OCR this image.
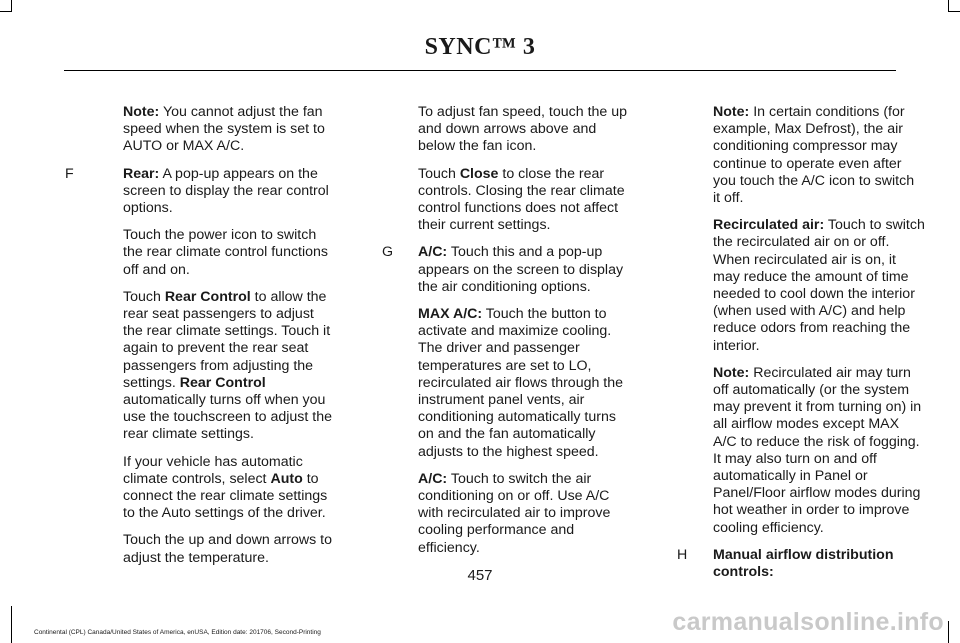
SYNC™ 3

Note: You cannot adjust the fan speed when the system is set to AUTO or MAX A/C.

F	Rear: A pop-up appears on the screen to display the rear control options.

Touch the power icon to switch the rear climate control functions off and on.

Touch Rear Control to allow the rear seat passengers to adjust the rear climate settings. Touch it again to prevent the rear seat passengers from adjusting the settings. Rear Control automatically turns off when you use the touchscreen to adjust the rear climate settings.

If your vehicle has automatic climate controls, select Auto to connect the rear climate settings to the Auto settings of the driver.

Touch the up and down arrows to adjust the temperature.

To adjust fan speed, touch the up and down arrows above and below the fan icon.

Touch Close to close the rear controls. Closing the rear climate control functions does not affect their current settings.

G A/C: Touch this and a pop-up appears on the screen to display the air conditioning options.

MAX A/C: Touch the button to activate and maximize cooling. The driver and passenger temperatures are set to LO, recirculated air flows through the instrument panel vents, air conditioning automatically turns on and the fan automatically adjusts to the highest speed.

A/C: Touch to switch the air conditioning on or off. Use A/C with recirculated air to improve cooling performance and efficiency.

Note: In certain conditions (for example, Max Defrost), the air conditioning compressor may continue to operate even after you touch the A/C icon to switch it off.

Recirculated air: Touch to switch the recirculated air on or off. When recirculated air is on, it may reduce the amount of time needed to cool down the interior (when used with A/C) and help reduce odors from reaching the interior.

Note: Recirculated air may turn off automatically (or the system may prevent it from turning on) in all airflow modes except MAX A/C to reduce the risk of fogging. It may also turn on and off automatically in Panel or Panel/Floor airflow modes during hot weather in order to improve cooling efficiency.

H Manual airflow distribution controls:

457
Continental (CPL) Canada/United States of America, enUSA, Edition date: 201706, Second-Printing	carmanualsonline.info
